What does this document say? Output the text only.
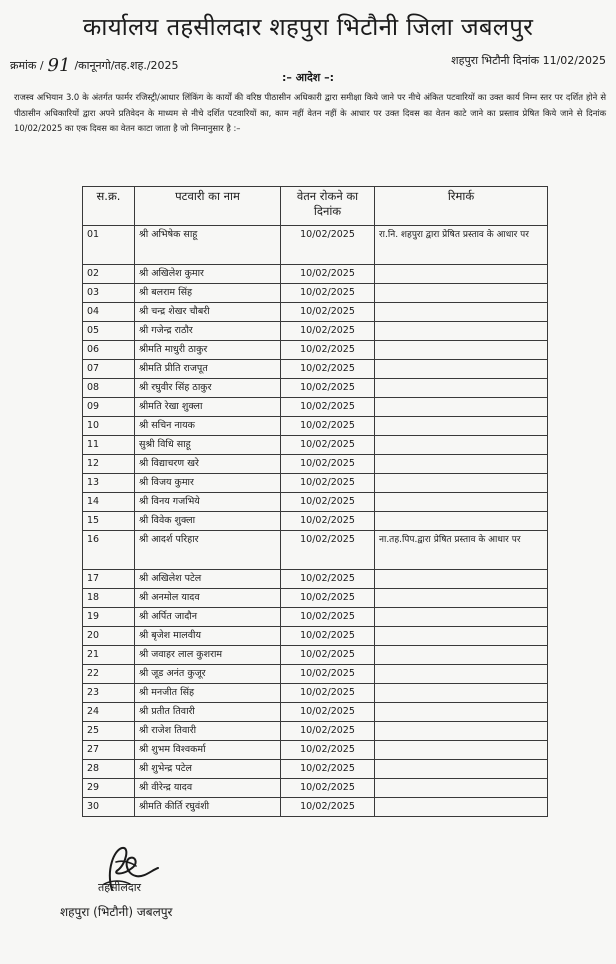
कार्यालय तहसीलदार शहपुरा भिटौनी जिला जबलपुर
क्रमांक / 91 /कानूनगो/तह.शह./2025	शहपुरा भिटौनी दिनांक 11/02/2025
:– आदेश –:
राजस्व अभियान 3.0 के अंतर्गत फार्मर रजिस्ट्री/आधार लिंकिंग के कार्यों की वरिष्ठ पीठासीन अधिकारी द्वारा समीक्षा किये जाने पर नीचे अंकित पटवारियों का उक्त कार्य निम्न स्तर पर दर्शित होने से पीठासीन अधिकारियों द्वारा अपने प्रतिवेदन के माध्यम से नीचे दर्शित पटवारियों का, काम नहीं वेतन नहीं के आधार पर उक्त दिवस का वेतन काटे जाने का प्रस्ताव प्रेषित किये जाने से दिनांक 10/02/2025 का एक दिवस का वेतन काटा जाता है जो निम्नानुसार है :–
स.क्र.	पटवारी का नाम	वेतन रोकने का दिनांक	रिमार्क
01	श्री अभिषेक साहू	10/02/2025	रा.नि. शहपुरा द्वारा प्रेषित प्रस्ताव के आधार पर
02	श्री अखिलेश कुमार	10/02/2025	
03	श्री बलराम सिंह	10/02/2025	
04	श्री चन्द्र शेखर चौबरी	10/02/2025	
05	श्री गजेन्द्र राठौर	10/02/2025	
06	श्रीमति माधुरी ठाकुर	10/02/2025	
07	श्रीमति प्रीति राजपूत	10/02/2025	
08	श्री रघुवीर सिंह ठाकुर	10/02/2025	
09	श्रीमति रेखा शुक्ला	10/02/2025	
10	श्री सचिन नायक	10/02/2025	
11	सुश्री विधि साहू	10/02/2025	
12	श्री विद्याचरण खरे	10/02/2025	
13	श्री विजय कुमार	10/02/2025	
14	श्री विनय गजभिये	10/02/2025	
15	श्री विवेक शुक्ला	10/02/2025	
16	श्री आदर्श परिहार	10/02/2025	ना.तह.पिप.द्वारा प्रेषित प्रस्ताव के आधार पर
17	श्री अखिलेश पटेल	10/02/2025	
18	श्री अनमोल यादव	10/02/2025	
19	श्री अर्पित जादौन	10/02/2025	
20	श्री बृजेश मालवीय	10/02/2025	
21	श्री जवाहर लाल कुशराम	10/02/2025	
22	श्री जूड अनंत कुजूर	10/02/2025	
23	श्री मनजीत सिंह	10/02/2025	
24	श्री प्रतीत तिवारी	10/02/2025	
25	श्री राजेश तिवारी	10/02/2025	
27	श्री शुभम विश्वकर्मा	10/02/2025	
28	श्री शुभेन्द्र पटेल	10/02/2025	
29	श्री वीरेन्द्र यादव	10/02/2025	
30	श्रीमति कीर्ति रघुवंशी	10/02/2025	
तहसीलदार
शहपुरा (भिटौनी) जबलपुर
